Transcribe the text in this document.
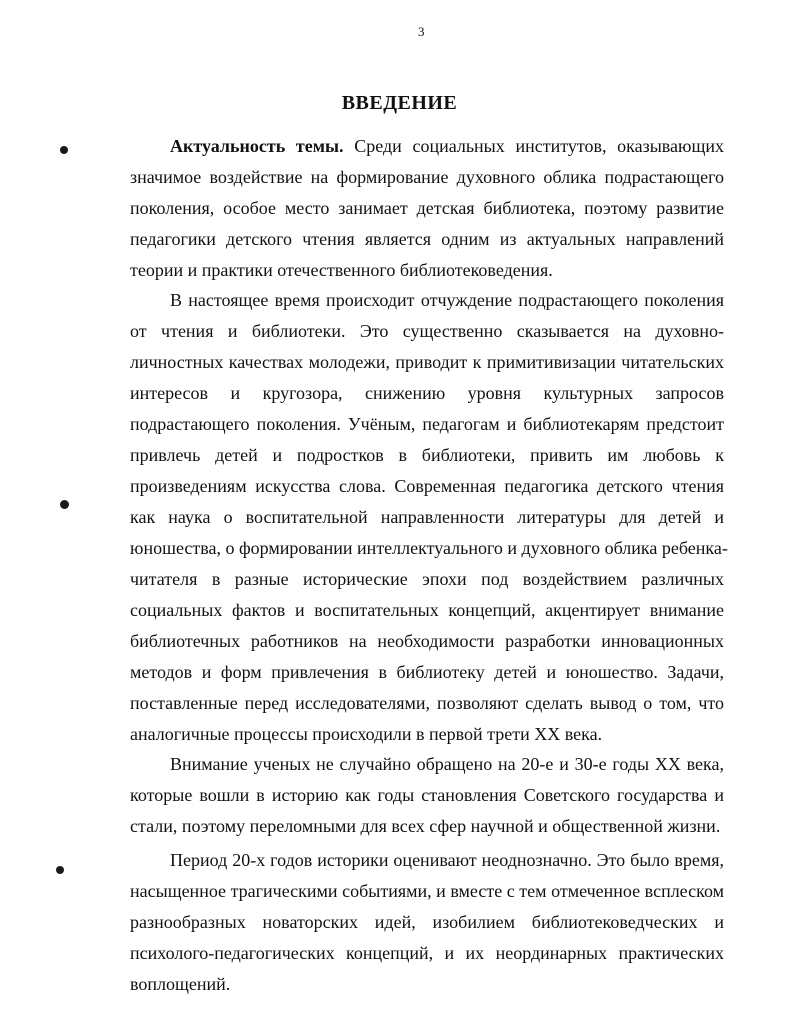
3
ВВЕДЕНИЕ
Актуальность темы. Среди социальных институтов, оказывающих
значимое воздействие на формирование духовного облика подрастающего
поколения, особое место занимает детская библиотека, поэтому развитие
педагогики детского чтения является одним из актуальных направлений
теории и практики отечественного библиотековедения.
В настоящее время происходит отчуждение подрастающего поколения
от чтения и библиотеки. Это существенно сказывается на духовно-
личностных качествах молодежи, приводит к примитивизации читательских
интересов и кругозора, снижению уровня культурных запросов
подрастающего поколения. Учёным, педагогам и библиотекарям предстоит
привлечь детей и подростков в библиотеки, привить им любовь к
произведениям искусства слова. Современная педагогика детского чтения
как наука о воспитательной направленности литературы для детей и
юношества, о формировании интеллектуального и духовного облика ребенка-
читателя в разные исторические эпохи под воздействием различных
социальных фактов и воспитательных концепций, акцентирует внимание
библиотечных работников на необходимости разработки инновационных
методов и форм привлечения в библиотеку детей и юношество. Задачи,
поставленные перед исследователями, позволяют сделать вывод о том, что
аналогичные процессы происходили в первой трети XX века.
Внимание ученых не случайно обращено на 20-е и 30-е годы XX века,
которые вошли в историю как годы становления Советского государства и
стали, поэтому переломными для всех сфер научной и общественной жизни.
Период 20-х годов историки оценивают неоднозначно. Это было время,
насыщенное трагическими событиями, и вместе с тем отмеченное всплеском
разнообразных новаторских идей, изобилием библиотековедческих и
психолого-педагогических концепций, и их неординарных практических
воплощений.
